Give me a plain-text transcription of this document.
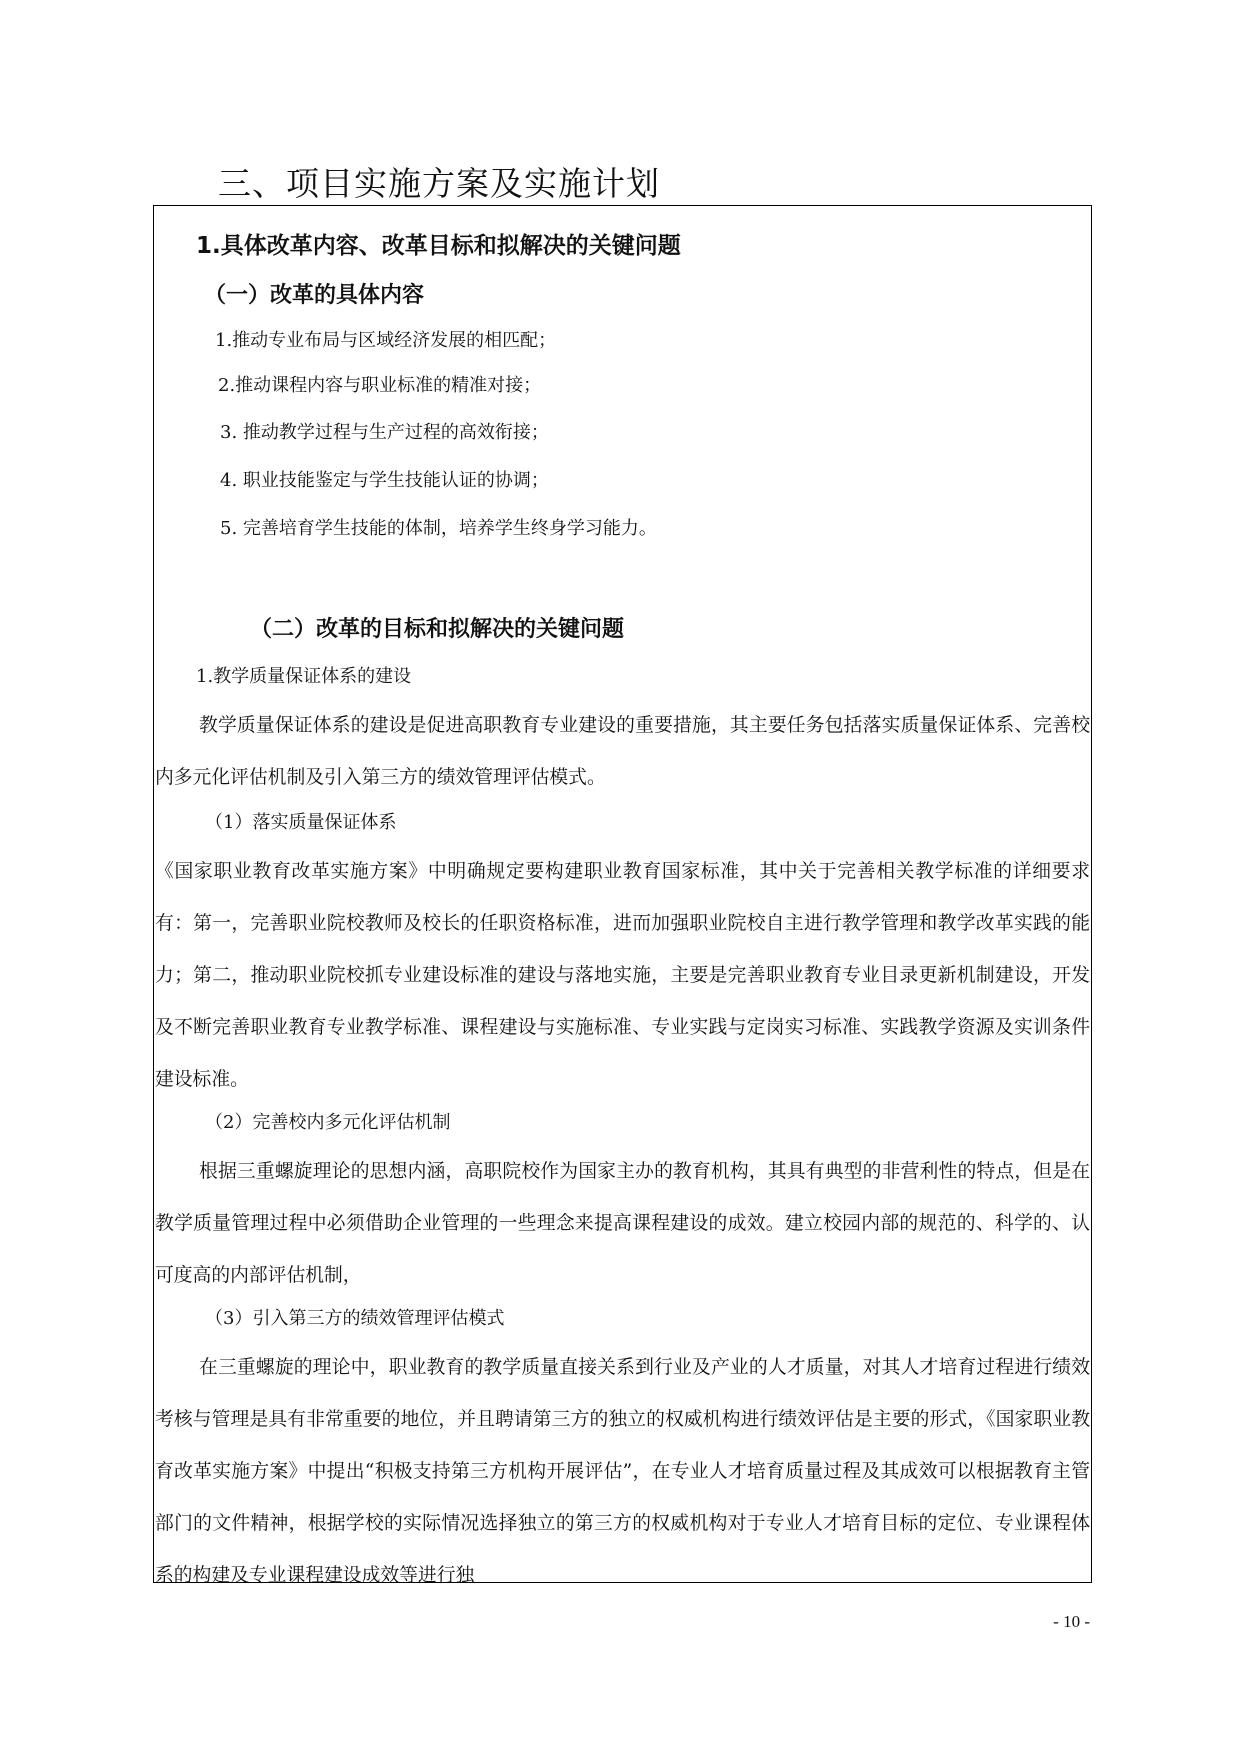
三、项目实施方案及实施计划

1.具体改革内容、改革目标和拟解决的关键问题

（一）改革的具体内容

1.推动专业布局与区域经济发展的相匹配；

2.推动课程内容与职业标准的精准对接；

3. 推动教学过程与生产过程的高效衔接；

4. 职业技能鉴定与学生技能认证的协调；

5. 完善培育学生技能的体制，培养学生终身学习能力。

（二）改革的目标和拟解决的关键问题

1.教学质量保证体系的建设

教学质量保证体系的建设是促进高职教育专业建设的重要措施，其主要任务包括落实质量保证体系、完善校内多元化评估机制及引入第三方的绩效管理评估模式。

（1）落实质量保证体系

《国家职业教育改革实施方案》中明确规定要构建职业教育国家标准，其中关于完善相关教学标准的详细要求有：第一，完善职业院校教师及校长的任职资格标准，进而加强职业院校自主进行教学管理和教学改革实践的能力；第二，推动职业院校抓专业建设标准的建设与落地实施，主要是完善职业教育专业目录更新机制建设，开发及不断完善职业教育专业教学标准、课程建设与实施标准、专业实践与定岗实习标准、实践教学资源及实训条件建设标准。

（2）完善校内多元化评估机制

根据三重螺旋理论的思想内涵，高职院校作为国家主办的教育机构，其具有典型的非营利性的特点，但是在教学质量管理过程中必须借助企业管理的一些理念来提高课程建设的成效。建立校园内部的规范的、科学的、认可度高的内部评估机制，

（3）引入第三方的绩效管理评估模式

在三重螺旋的理论中，职业教育的教学质量直接关系到行业及产业的人才质量，对其人才培育过程进行绩效考核与管理是具有非常重要的地位，并且聘请第三方的独立的权威机构进行绩效评估是主要的形式，《国家职业教育改革实施方案》中提出“积极支持第三方机构开展评估”，在专业人才培育质量过程及其成效可以根据教育主管部门的文件精神，根据学校的实际情况选择独立的第三方的权威机构对于专业人才培育目标的定位、专业课程体系的构建及专业课程建设成效等进行独

- 10 -
